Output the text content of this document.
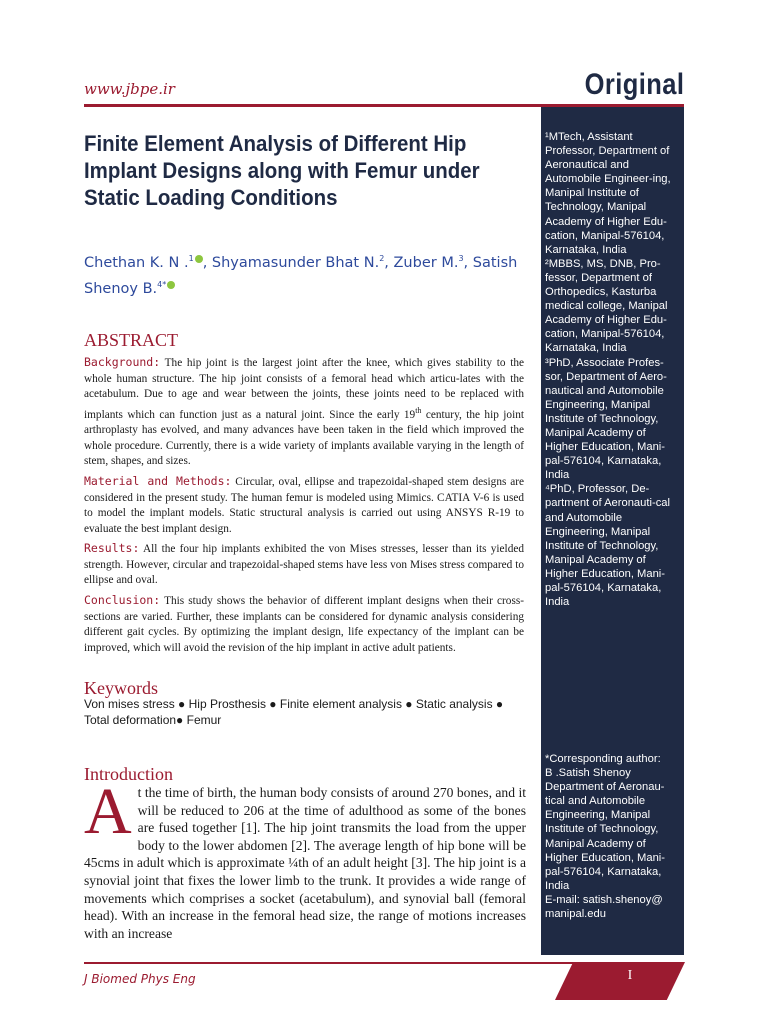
www.jbpe.ir	Original
¹MTech, Assistant Professor, Department of Aeronautical and Automobile Engineer-ing, Manipal Institute of Technology, Manipal Academy of Higher Edu-cation, Manipal-576104, Karnataka, India
²MBBS, MS, DNB, Pro-fessor, Department of Orthopedics, Kasturba medical college, Manipal Academy of Higher Edu-cation, Manipal-576104, Karnataka, India
³PhD, Associate Profes-sor, Department of Aero-nautical and Automobile Engineering, Manipal Institute of Technology, Manipal Academy of Higher Education, Mani-pal-576104, Karnataka, India
⁴PhD, Professor, De-partment of Aeronauti-cal and Automobile Engineering, Manipal Institute of Technology, Manipal Academy of Higher Education, Mani-pal-576104, Karnataka, India
*Corresponding author:
B .Satish Shenoy Department of Aeronau-tical and Automobile Engineering, Manipal Institute of Technology, Manipal Academy of Higher Education, Mani-pal-576104, Karnataka, India
E-mail: satish.shenoy@ manipal.edu
Finite Element Analysis of Different Hip Implant Designs along with Femur under Static Loading Conditions
Chethan K. N .$^1$ , Shyamasunder Bhat N.$^2$, Zuber M.$^3$, Satish Shenoy B.$^{4*}$
ABSTRACT

Background: The hip joint is the largest joint after the knee, which gives stability to the whole human structure. The hip joint consists of a femoral head which articu-lates with the acetabulum. Due to age and wear between the joints, these joints need to be replaced with implants which can function just as a natural joint. Since the early 19th century, the hip joint arthroplasty has evolved, and many advances have been taken in the field which improved the whole procedure. Currently, there is a wide variety of implants available varying in the length of stem, shapes, and sizes.

Material and Methods: Circular, oval, ellipse and trapezoidal-shaped stem designs are considered in the present study. The human femur is modeled using Mimics. CATIA V-6 is used to model the implant models. Static structural analysis is carried out using ANSYS R-19 to evaluate the best implant design.

Results: All the four hip implants exhibited the von Mises stresses, lesser than its yielded strength. However, circular and trapezoidal-shaped stems have less von Mises stress compared to ellipse and oval.

Conclusion: This study shows the behavior of different implant designs when their cross-sections are varied. Further, these implants can be considered for dynamic analysis considering different gait cycles. By optimizing the implant design, life expectancy of the implant can be improved, which will avoid the revision of the hip implant in active adult patients.

Keywords
Von mises stress ● Hip Prosthesis ● Finite element analysis ● Static analysis ● Total deformation● Femur
Introduction
At the time of birth, the human body consists of around 270 bones, and it will be reduced to 206 at the time of adulthood as some of the bones are fused together [1]. The hip joint transmits the load from the upper body to the lower abdomen [2]. The average length of hip bone will be 45cms in adult which is approximate ¼th of an adult height [3]. The hip joint is a synovial joint that fixes the lower limb to the trunk. It provides a wide range of movements which comprises a socket (acetabulum), and synovial ball (femoral head). With an increase in the femoral head size, the range of motions increases with an increase
J Biomed Phys Eng	I
